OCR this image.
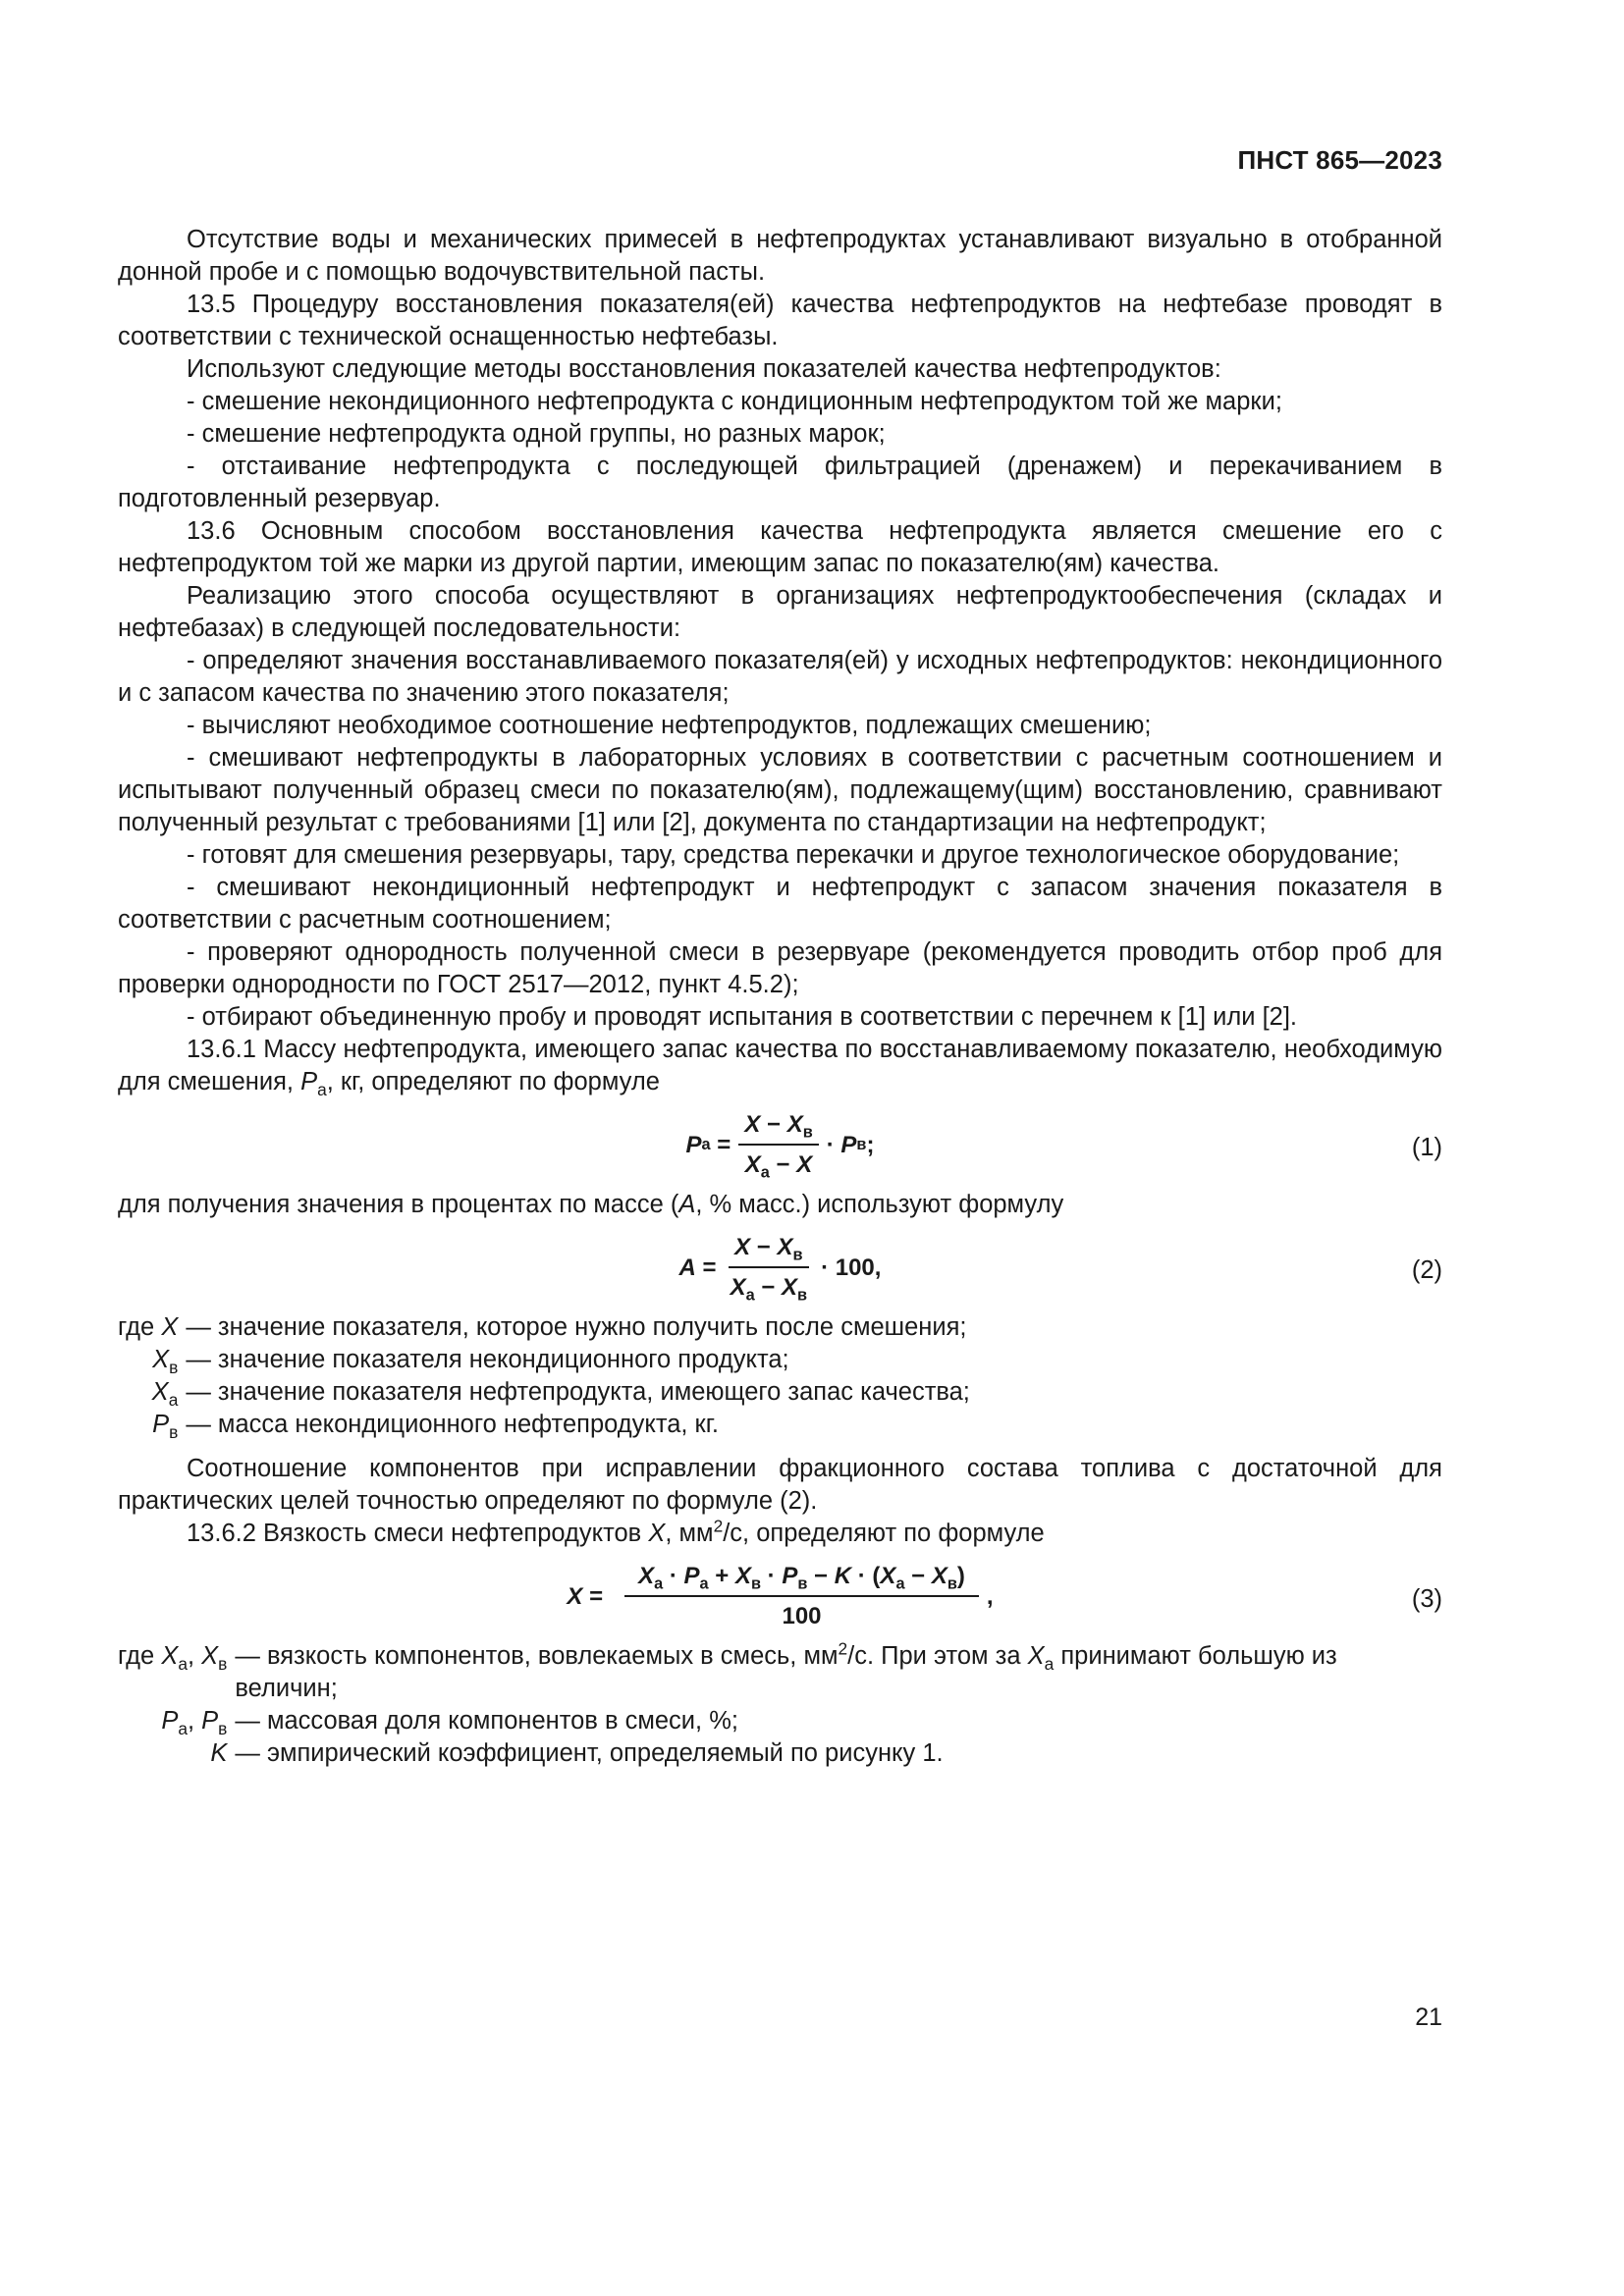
ПНСТ 865—2023

Отсутствие воды и механических примесей в нефтепродуктах устанавливают визуально в отобранной донной пробе и с помощью водочувствительной пасты.

13.5 Процедуру восстановления показателя(ей) качества нефтепродуктов на нефтебазе проводят в соответствии с технической оснащенностью нефтебазы.

Используют следующие методы восстановления показателей качества нефтепродуктов:

- смешение некондиционного нефтепродукта с кондиционным нефтепродуктом той же марки;

- смешение нефтепродукта одной группы, но разных марок;

- отстаивание нефтепродукта с последующей фильтрацией (дренажем) и перекачиванием в подготовленный резервуар.

13.6 Основным способом восстановления качества нефтепродукта является смешение его с нефтепродуктом той же марки из другой партии, имеющим запас по показателю(ям) качества.

Реализацию этого способа осуществляют в организациях нефтепродуктообеспечения (складах и нефтебазах) в следующей последовательности:

- определяют значения восстанавливаемого показателя(ей) у исходных нефтепродуктов: некондиционного и с запасом качества по значению этого показателя;

- вычисляют необходимое соотношение нефтепродуктов, подлежащих смешению;

- смешивают нефтепродукты в лабораторных условиях в соответствии с расчетным соотношением и испытывают полученный образец смеси по показателю(ям), подлежащему(щим) восстановлению, сравнивают полученный результат с требованиями [1] или [2], документа по стандартизации на нефтепродукт;

- готовят для смешения резервуары, тару, средства перекачки и другое технологическое оборудование;

- смешивают некондиционный нефтепродукт и нефтепродукт с запасом значения показателя в соответствии с расчетным соотношением;

- проверяют однородность полученной смеси в резервуаре (рекомендуется проводить отбор проб для проверки однородности по ГОСТ 2517—2012, пункт 4.5.2);

- отбирают объединенную пробу и проводят испытания в соответствии с перечнем к [1] или [2].

13.6.1 Массу нефтепродукта, имеющего запас качества по восстанавливаемому показателю, необходимую для смешения, $P_а$, кг, определяют по формуле

P $а = \frac{X - X_в}{X_а - X} \cdot P$ в ;	(1)

для получения значения в процентах по массе (A, % масс.) используют формулу

$A = \frac{X - X_в}{X_а - X_в} \cdot 100$,	(2)
где X — значение показателя, которое нужно получить после смешения;
$X_в$ — значение показателя некондиционного продукта;
$X_а$ — значение показателя нефтепродукта, имеющего запас качества;
$P_в$ — масса некондиционного нефтепродукта, кг.

Соотношение компонентов при исправлении фракционного состава топлива с достаточной для практических целей точностью определяют по формуле (2).

13.6.2 Вязкость смеси нефтепродуктов X, $мм^2/с$, определяют по формуле

$X = \frac{X_а \cdot P_а + X_в \cdot P_в - K \cdot (X_а - X_в)}{100}$ ,	(3)
где $X_а$, $X_в$ — вязкость компонентов, вовлекаемых в смесь, $мм^2/с$. При этом за $X_а$ принимают большую из величин;
$P_а$, $P_в$ — массовая доля компонентов в смеси, %;
K — эмпирический коэффициент, определяемый по рисунку 1.
21
